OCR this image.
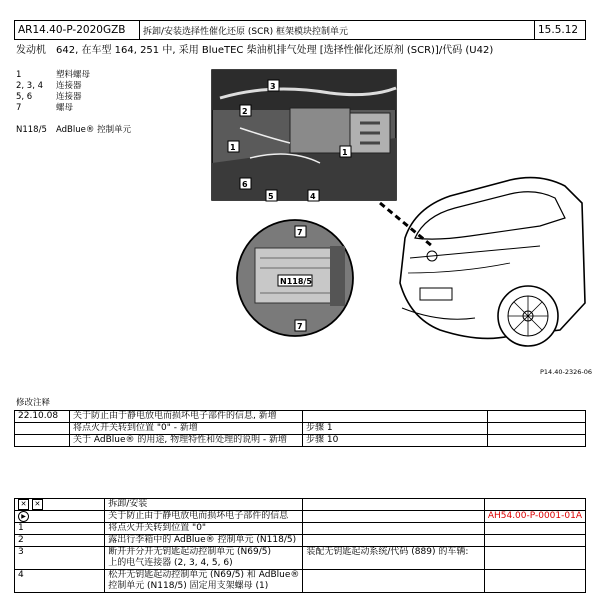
AR14.40-P-2020GZB	拆卸/安装选择性催化还原 (SCR) 框架模块控制单元	15.5.12
发动机　642, 在车型 164, 251 中, 采用 BlueTEC 柴油机排气处理 [选择性催化还原剂 (SCR)]/代码 (U42)
1	塑料螺母
2, 3, 4 连接器
5, 6	连接器
7	螺母
N118/5 AdBlue® 控制单元
3
2
1
1
6
5	4
7
7
N118/5
P14.40-2326-06
修改注释
22.10.08	关于防止由于静电放电而损坏电子部件的信息, 新增		
	将点火开关转到位置 "0" - 新增	步骤 1	
	关于 AdBlue® 的用途, 物理特性和处理的说明 - 新增	步骤 10	
✕ ✕	拆卸/安装		
▶	关于防止由于静电放电而损坏电子部件的信息		AH54.00-P-0001-01A
1	将点火开关转到位置 "0"		
2	露出行李箱中的 AdBlue® 控制单元 (N118/5)		
3	断开并分开无钥匙起动控制单元 (N69/5)
上的电气连接器 (2, 3, 4, 5, 6)	装配无钥匙起动系统/代码 (889) 的车辆:	
4	松开无钥匙起动控制单元 (N69/5) 和 AdBlue®
控制单元 (N118/5) 固定用支架螺母 (1)		
